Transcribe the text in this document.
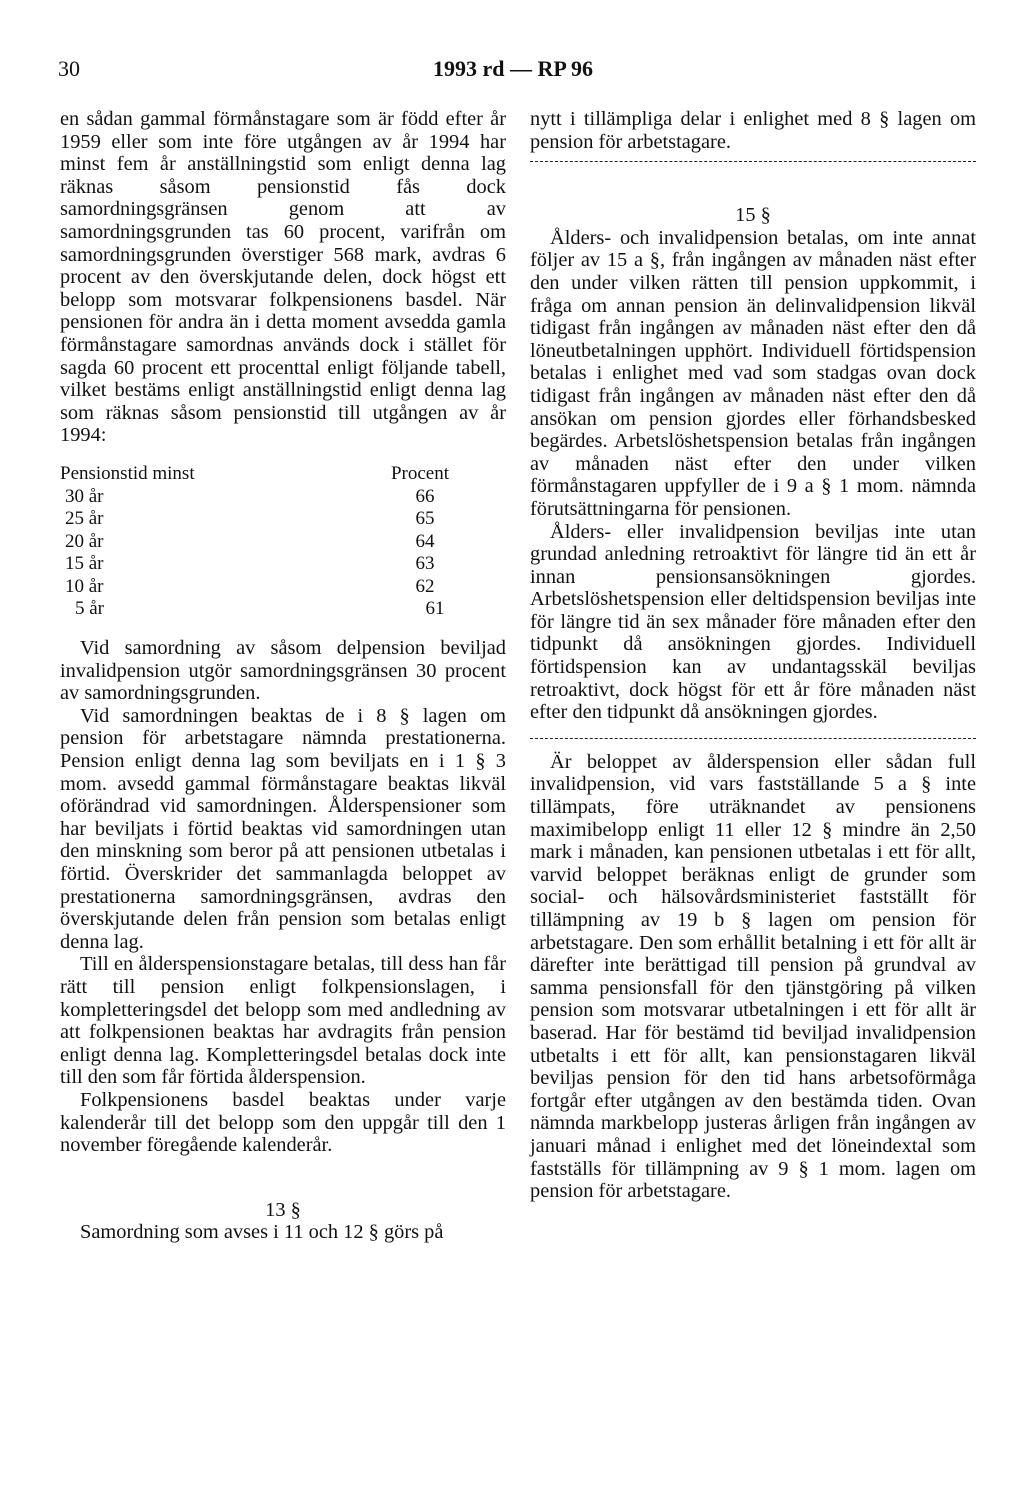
30	1993 rd — RP 96

en sådan gammal förmånstagare som är född efter år 1959 eller som inte före utgången av år 1994 har minst fem år anställningstid som enligt denna lag räknas såsom pensionstid fås dock samordningsgränsen genom att av samordningsgrunden tas 60 procent, varifrån om samordningsgrunden överstiger 568 mark, avdras 6 procent av den överskjutande delen, dock högst ett belopp som motsvarar folkpensionens basdel. När pensionen för andra än i detta moment avsedda gamla förmånstagare samordnas används dock i stället för sagda 60 procent ett procenttal enligt följande tabell, vilket bestäms enligt anställningstid enligt denna lag som räknas såsom pensionstid till utgången av år 1994:

Pensionstid minst	Procent
30 år	66
25 år	65
20 år	64
15 år	63
10 år	62
5 år	61

Vid samordning av såsom delpension beviljad invalidpension utgör samordningsgränsen 30 procent av samordningsgrunden.

Vid samordningen beaktas de i 8 § lagen om pension för arbetstagare nämnda prestationerna. Pension enligt denna lag som beviljats en i 1 § 3 mom. avsedd gammal förmånstagare beaktas likväl oförändrad vid samordningen. Ålderspensioner som har beviljats i förtid beaktas vid samordningen utan den minskning som beror på att pensionen utbetalas i förtid. Överskrider det sammanlagda beloppet av prestationerna samordningsgränsen, avdras den överskjutande delen från pension som betalas enligt denna lag.

Till en ålderspensionstagare betalas, till dess han får rätt till pension enligt folkpensionslagen, i kompletteringsdel det belopp som med andledning av att folkpensionen beaktas har avdragits från pension enligt denna lag. Kompletteringsdel betalas dock inte till den som får förtida ålderspension.

Folkpensionens basdel beaktas under varje kalenderår till det belopp som den uppgår till den 1 november föregående kalenderår.

13 §

Samordning som avses i 11 och 12 § görs på

nytt i tillämpliga delar i enlighet med 8 § lagen om pension för arbetstagare.

15 §

Ålders- och invalidpension betalas, om inte annat följer av 15 a §, från ingången av månaden näst efter den under vilken rätten till pension uppkommit, i fråga om annan pension än delinvalidpension likväl tidigast från ingången av månaden näst efter den då löneutbetalningen upphört. Individuell förtidspension betalas i enlighet med vad som stadgas ovan dock tidigast från ingången av månaden näst efter den då ansökan om pension gjordes eller förhandsbesked begärdes. Arbetslöshetspension betalas från ingången av månaden näst efter den under vilken förmånstagaren uppfyller de i 9 a § 1 mom. nämnda förutsättningarna för pensionen.

Ålders- eller invalidpension beviljas inte utan grundad anledning retroaktivt för längre tid än ett år innan pensionsansökningen gjordes. Arbetslöshetspension eller deltidspension beviljas inte för längre tid än sex månader före månaden efter den tidpunkt då ansökningen gjordes. Individuell förtidspension kan av undantagsskäl beviljas retroaktivt, dock högst för ett år före månaden näst efter den tidpunkt då ansökningen gjordes.

Är beloppet av ålderspension eller sådan full invalidpension, vid vars fastställande 5 a § inte tillämpats, före uträknandet av pensionens maximibelopp enligt 11 eller 12 § mindre än 2,50 mark i månaden, kan pensionen utbetalas i ett för allt, varvid beloppet beräknas enligt de grunder som social- och hälsovårdsministeriet fastställt för tillämpning av 19 b § lagen om pension för arbetstagare. Den som erhållit betalning i ett för allt är därefter inte berättigad till pension på grundval av samma pensionsfall för den tjänstgöring på vilken pension som motsvarar utbetalningen i ett för allt är baserad. Har för bestämd tid beviljad invalidpension utbetalts i ett för allt, kan pensionstagaren likväl beviljas pension för den tid hans arbetsoförmåga fortgår efter utgången av den bestämda tiden. Ovan nämnda markbelopp justeras årligen från ingången av januari månad i enlighet med det löneindextal som fastställs för tillämpning av 9 § 1 mom. lagen om pension för arbetstagare.
